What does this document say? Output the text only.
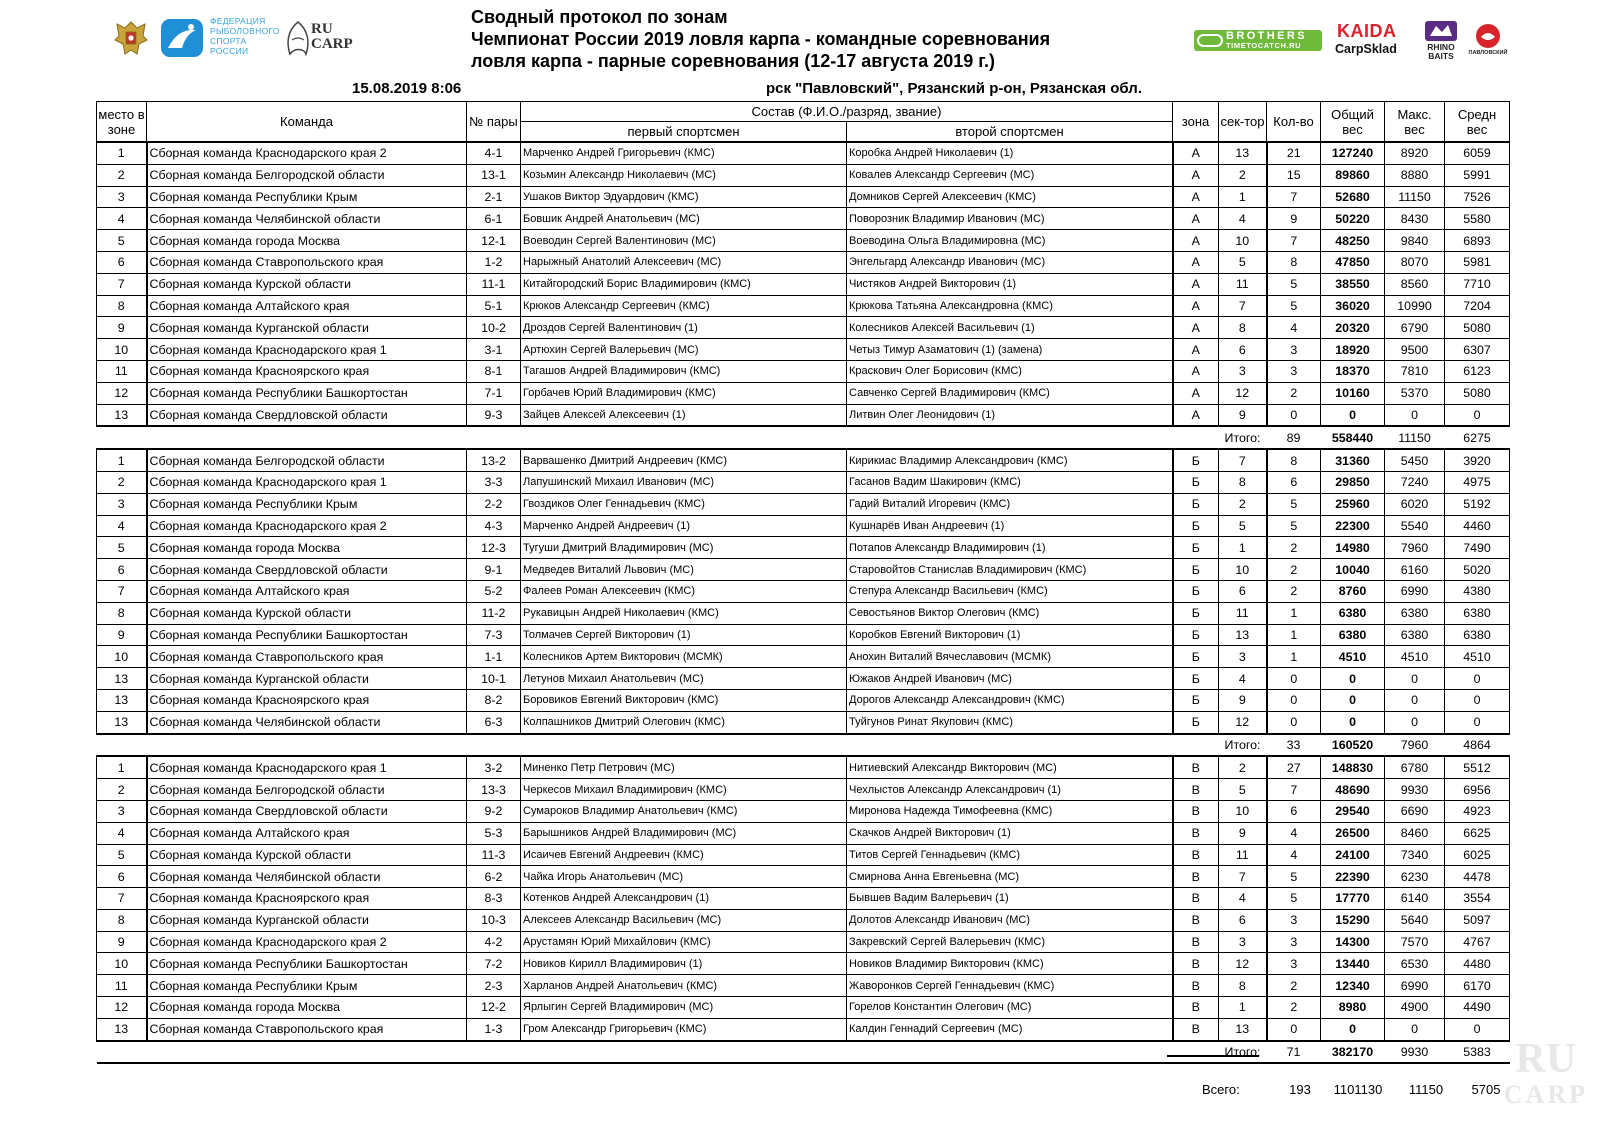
ФЕДЕРАЦИЯ РЫБОЛОВНОГО СПОРТА РОССИИ
RU CARP	BROTHERS
TIMETOCATCH.RU
KAIDA
CarpSklad	RHINO BAITS	ПАВЛОВСКИЙ
Сводный протокол по зонам
Чемпионат России 2019 ловля карпа - командные соревнования
ловля карпа - парные соревнования (12-17 августа 2019 г.)
15.08.2019 8:06	рск "Павловский", Рязанский р-он, Рязанская обл.
место в зоне	Команда	№ пары	Состав (Ф.И.О./разряд, звание)		зона	сек-тор	Кол-во	Общий вес	Макс. вес	Средн вес
			первый спортсмен	второй спортсмен						
1	Сборная команда Краснодарского края 2	4-1	Марченко Андрей Григорьевич (КМС)	Коробка Андрей Николаевич (1)	А	13	21	127240	8920	6059
2	Сборная команда Белгородской области	13-1	Козьмин Александр Николаевич (МС)	Ковалев Александр Сергеевич (МС)	А	2	15	89860	8880	5991
3	Сборная команда Республики Крым	2-1	Ушаков Виктор Эдуардович (КМС)	Домников Сергей Алексеевич (КМС)	А	1	7	52680	11150	7526
4	Сборная команда Челябинской области	6-1	Бовшик Андрей Анатольевич (МС)	Поворозник Владимир Иванович (МС)	А	4	9	50220	8430	5580
5	Сборная команда города Москва	12-1	Воеводин Сергей Валентинович (МС)	Воеводина Ольга Владимировна (МС)	А	10	7	48250	9840	6893
6	Сборная команда Ставропольского края	1-2	Нарыжный Анатолий Алексеевич (МС)	Энгельгард Александр Иванович (МС)	А	5	8	47850	8070	5981
7	Сборная команда Курской области	11-1	Китайгородский Борис Владимирович (КМС)	Чистяков Андрей Викторович (1)	А	11	5	38550	8560	7710
8	Сборная команда Алтайского края	5-1	Крюков Александр Сергеевич (КМС)	Крюкова Татьяна Александровна (КМС)	А	7	5	36020	10990	7204
9	Сборная команда Курганской области	10-2	Дроздов Сергей Валентинович (1)	Колесников Алексей Васильевич (1)	А	8	4	20320	6790	5080
10	Сборная команда Краснодарского края 1	3-1	Артюхин Сергей Валерьевич (МС)	Четыз Тимур Азаматович (1) (замена)	А	6	3	18920	9500	6307
11	Сборная команда Красноярского края	8-1	Тагашов Андрей Владимирович (КМС)	Краскович Олег Борисович (КМС)	А	3	3	18370	7810	6123
12	Сборная команда Республики Башкортостан	7-1	Горбачев Юрий Владимирович (КМС)	Савченко Сергей Владимирович (КМС)	А	12	2	10160	5370	5080
13	Сборная команда Свердловской области	9-3	Зайцев Алексей Алексеевич (1)	Литвин Олег Леонидович (1)	А	9	0	0	0	0
						Итого:	89	558440	11150	6275
1	Сборная команда Белгородской области	13-2	Варвашенко Дмитрий Андреевич (КМС)	Кирикиас Владимир Александрович (КМС)	Б	7	8	31360	5450	3920
2	Сборная команда Краснодарского края 1	3-3	Лапушинский Михаил Иванович (МС)	Гасанов Вадим Шакирович (КМС)	Б	8	6	29850	7240	4975
3	Сборная команда Республики Крым	2-2	Гвоздиков Олег Геннадьевич (КМС)	Гадий Виталий Игоревич (КМС)	Б	2	5	25960	6020	5192
4	Сборная команда Краснодарского края 2	4-3	Марченко Андрей Андреевич (1)	Кушнарёв Иван Андреевич (1)	Б	5	5	22300	5540	4460
5	Сборная команда города Москва	12-3	Тугуши Дмитрий Владимирович (МС)	Потапов Александр Владимирович (1)	Б	1	2	14980	7960	7490
6	Сборная команда Свердловской области	9-1	Медведев Виталий Львович (МС)	Старовойтов Станислав Владимирович (КМС)	Б	10	2	10040	6160	5020
7	Сборная команда Алтайского края	5-2	Фалеев Роман Алексеевич (КМС)	Степура Александр Васильевич (КМС)	Б	6	2	8760	6990	4380
8	Сборная команда Курской области	11-2	Рукавицын Андрей Николаевич (КМС)	Севостьянов Виктор Олегович (КМС)	Б	11	1	6380	6380	6380
9	Сборная команда Республики Башкортостан	7-3	Толмачев Сергей Викторович (1)	Коробков Евгений Викторович (1)	Б	13	1	6380	6380	6380
10	Сборная команда Ставропольского края	1-1	Колесников Артем Викторович (МСМК)	Анохин Виталий Вячеславович (МСМК)	Б	3	1	4510	4510	4510
13	Сборная команда Курганской области	10-1	Летунов Михаил Анатольевич (МС)	Южаков Андрей Иванович (МС)	Б	4	0	0	0	0
13	Сборная команда Красноярского края	8-2	Боровиков Евгений Викторович (КМС)	Дорогов Александр Александрович (КМС)	Б	9	0	0	0	0
13	Сборная команда Челябинской области	6-3	Колпашников Дмитрий Олегович (КМС)	Туйгунов Ринат Якупович (КМС)	Б	12	0	0	0	0
						Итого:	33	160520	7960	4864
1	Сборная команда Краснодарского края 1	3-2	Миненко Петр Петрович (МС)	Нитиевский Александр Викторович (МС)	В	2	27	148830	6780	5512
2	Сборная команда Белгородской области	13-3	Черкесов Михаил Владимирович (КМС)	Чехлыстов Александр Александрович (1)	В	5	7	48690	9930	6956
3	Сборная команда Свердловской области	9-2	Сумароков Владимир Анатольевич (КМС)	Миронова Надежда Тимофеевна (КМС)	В	10	6	29540	6690	4923
4	Сборная команда Алтайского края	5-3	Барышников Андрей Владимирович (МС)	Скачков Андрей Викторович (1)	В	9	4	26500	8460	6625
5	Сборная команда Курской области	11-3	Исаичев Евгений Андреевич (КМС)	Титов Сергей Геннадьевич (КМС)	В	11	4	24100	7340	6025
6	Сборная команда Челябинской области	6-2	Чайка Игорь Анатольевич (МС)	Смирнова Анна Евгеньевна (МС)	В	7	5	22390	6230	4478
7	Сборная команда Красноярского края	8-3	Котенков Андрей Александрович (1)	Бывшев Вадим Валерьевич (1)	В	4	5	17770	6140	3554
8	Сборная команда Курганской области	10-3	Алексеев Александр Васильевич (МС)	Долотов Александр Иванович (МС)	В	6	3	15290	5640	5097
9	Сборная команда Краснодарского края 2	4-2	Арустамян Юрий Михайлович (КМС)	Закревский Сергей Валерьевич (КМС)	В	3	3	14300	7570	4767
10	Сборная команда Республики Башкортостан	7-2	Новиков Кирилл Владимирович (1)	Новиков Владимир Викторович (КМС)	В	12	3	13440	6530	4480
11	Сборная команда Республики Крым	2-3	Харланов Андрей Анатольевич (КМС)	Жаворонков Сергей Геннадьевич (КМС)	В	8	2	12340	6990	6170
12	Сборная команда города Москва	12-2	Ярлыгин Сергей Владимирович (МС)	Горелов Константин Олегович (МС)	В	1	2	8980	4900	4490
13	Сборная команда Ставропольского края	1-3	Гром Александр Григорьевич (КМС)	Калдин Геннадий Сергеевич (МС)	В	13	0	0	0	0
						Итого:	71	382170	9930	5383
Всего:	193	1101130	11150	5705
RU
CARP
